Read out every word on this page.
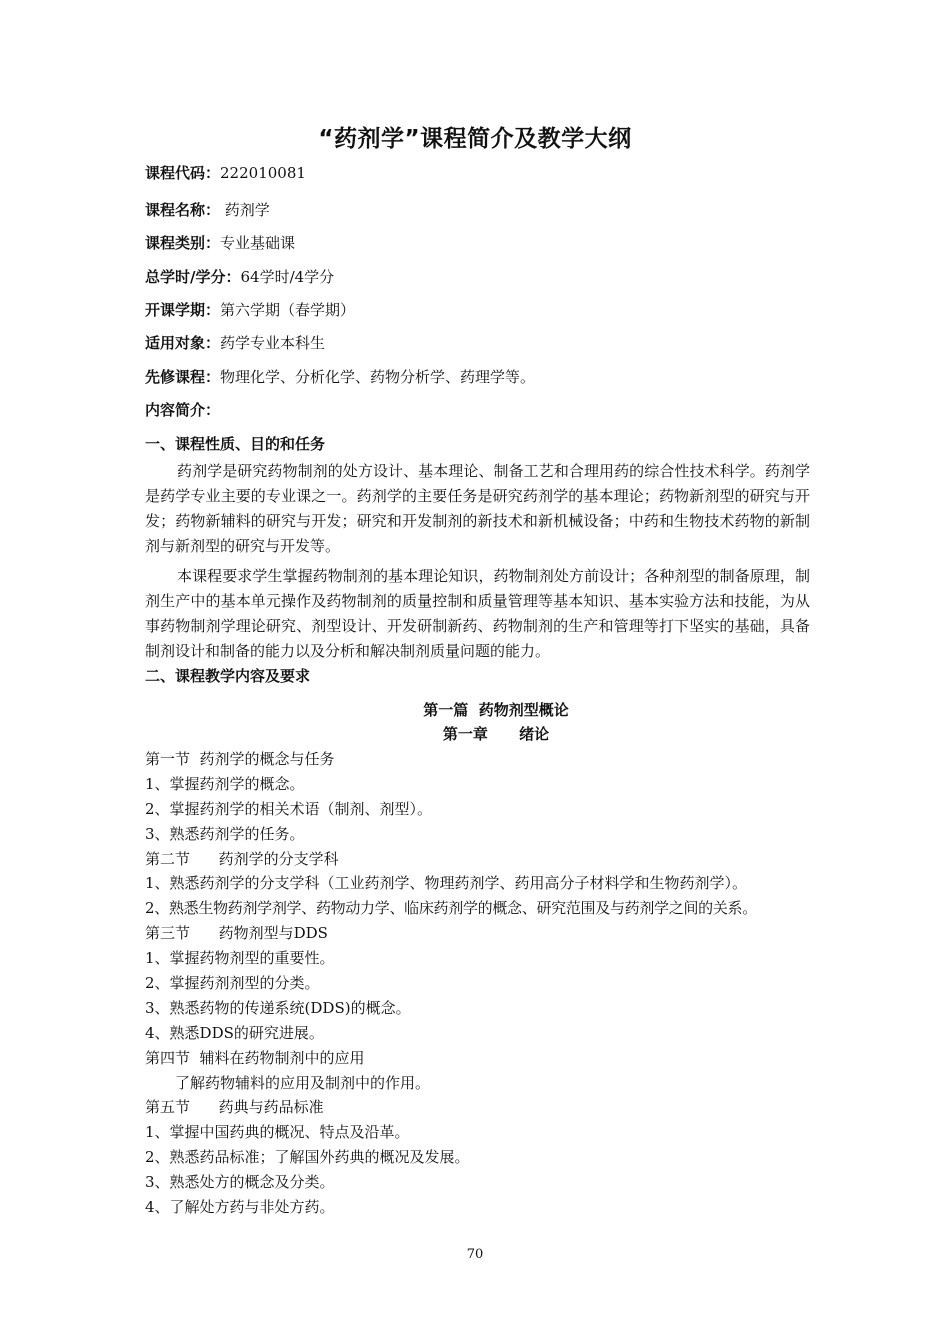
“药剂学”课程简介及教学大纲
课程代码：222010081
课程名称： 药剂学
课程类别：专业基础课
总学时/学分：64学时/4学分
开课学期：第六学期（春学期）
适用对象：药学专业本科生
先修课程：物理化学、分析化学、药物分析学、药理学等。
内容简介：
一、课程性质、目的和任务

药剂学是研究药物制剂的处方设计、基本理论、制备工艺和合理用药的综合性技术科学。药剂学是药学专业主要的专业课之一。药剂学的主要任务是研究药剂学的基本理论；药物新剂型的研究与开发；药物新辅料的研究与开发；研究和开发制剂的新技术和新机械设备；中药和生物技术药物的新制剂与新剂型的研究与开发等。

本课程要求学生掌握药物制剂的基本理论知识，药物制剂处方前设计；各种剂型的制备原理，制剂生产中的基本单元操作及药物制剂的质量控制和质量管理等基本知识、基本实验方法和技能，为从事药物制剂学理论研究、剂型设计、开发研制新药、药物制剂的生产和管理等打下坚实的基础，具备制剂设计和制备的能力以及分析和解决制剂质量问题的能力。

二、课程教学内容及要求
第一篇  药物剂型概论
第一章      绪论
第一节  药剂学的概念与任务
1、掌握药剂学的概念。
2、掌握药剂学的相关术语（制剂、剂型）。
3、熟悉药剂学的任务。
第二节      药剂学的分支学科
1、熟悉药剂学的分支学科（工业药剂学、物理药剂学、药用高分子材料学和生物药剂学）。
2、熟悉生物药剂学剂学、药物动力学、临床药剂学的概念、研究范围及与药剂学之间的关系。
第三节      药物剂型与DDS
1、掌握药物剂型的重要性。
2、掌握药剂剂型的分类。
3、熟悉药物的传递系统(DDS)的概念。
4、熟悉DDS的研究进展。
第四节  辅料在药物制剂中的应用
了解药物辅料的应用及制剂中的作用。
第五节      药典与药品标准
1、掌握中国药典的概况、特点及沿革。
2、熟悉药品标准；了解国外药典的概况及发展。
3、熟悉处方的概念及分类。
4、了解处方药与非处方药。
70
